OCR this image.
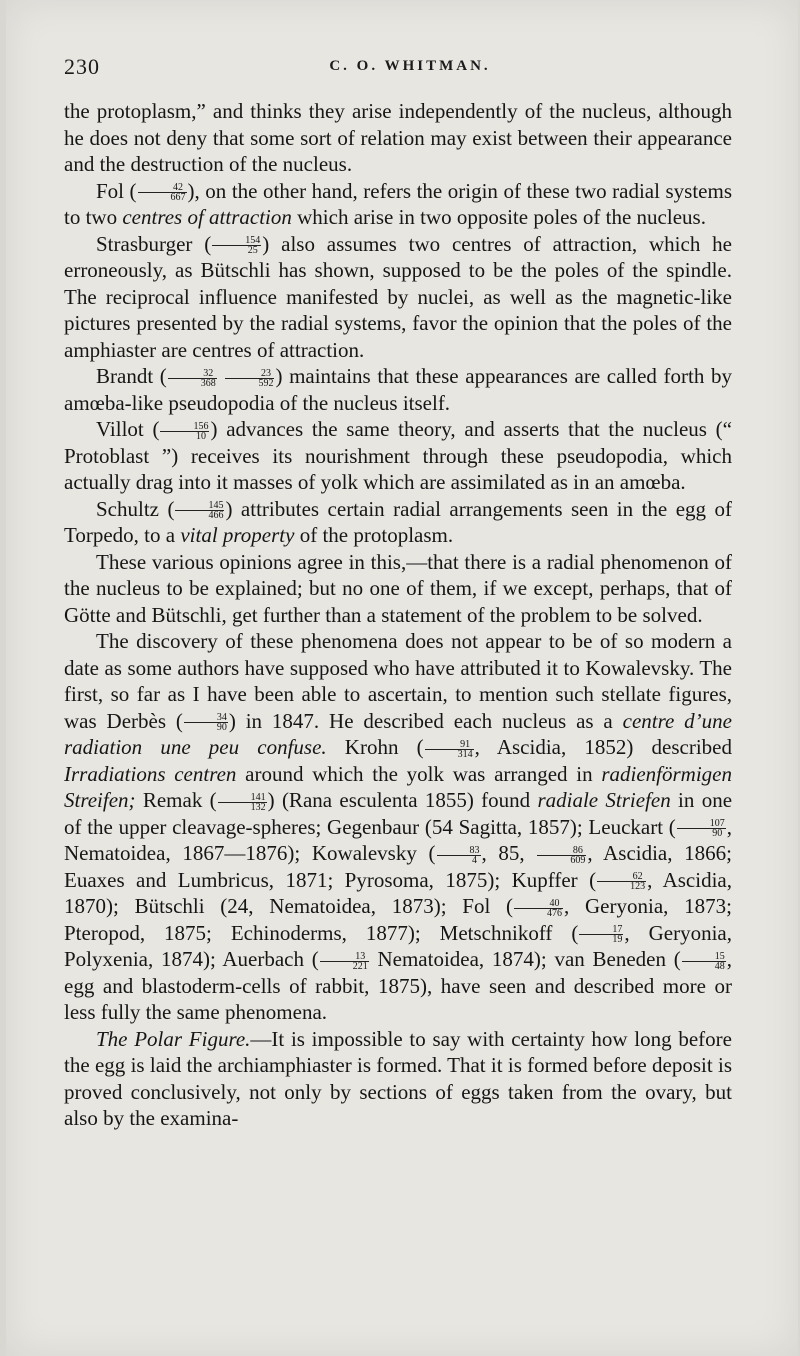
230	C. O. WHITMAN.

the protoplasm,” and thinks they arise independently of the nucleus, although he does not deny that some sort of relation may exist between their appearance and the destruction of the nucleus.

Fol ( $\frac{42}{667}$ ), on the other hand, refers the origin of these two radial systems to two centres of attraction which arise in two opposite poles of the nucleus.

Strasburger ( $\frac{154}{25}$ ) also assumes two centres of attraction, which he erroneously, as Bütschli has shown, supposed to be the poles of the spindle. The reciprocal influence manifested by nuclei, as well as the magnetic-like pictures presented by the radial systems, favor the opinion that the poles of the amphiaster are centres of attraction.

Brandt ( $\frac{32}{368}$
$\frac{23}{592}$ ) maintains that these appearances are called forth by amœba-like pseudopodia of the nucleus itself.

Villot ( $\frac{156}{10}$ ) advances the same theory, and asserts that the nucleus (“ Protoblast ”) receives its nourishment through these pseudopodia, which actually drag into it masses of yolk which are assimilated as in an amœba.

Schultz ( $\frac{145}{466}$ ) attributes certain radial arrangements seen in the egg of Torpedo, to a vital property of the protoplasm.

These various opinions agree in this,—that there is a radial phenomenon of the nucleus to be explained; but no one of them, if we except, perhaps, that of Götte and Bütschli, get further than a statement of the problem to be solved.

The discovery of these phenomena does not appear to be of so modern a date as some authors have supposed who have attributed it to Kowalevsky. The first, so far as I have been able to ascertain, to mention such stellate figures, was Derbès ( $\frac{34}{90}$ ) in 1847. He described each nucleus as a centre d’une radiation une peu confuse. Krohn ( $\frac{91}{314}$ , Ascidia, 1852) described Irradiations centren around which the yolk was arranged in radienförmigen Streifen; Remak ( $\frac{141}{132}$ ) (Rana esculenta 1855) found radiale Striefen in one of the upper cleavage-spheres; Gegenbaur (54 Sagitta, 1857); Leuckart ( $\frac{107}{90}$ , Nematoidea, 1867—1876); Kowalevsky ( $\frac{83}{4}$ , 85, $\frac{86}{609}$ , Ascidia, 1866; Euaxes and Lumbricus, 1871; Pyrosoma, 1875); Kupffer ( $\frac{62}{123}$ , Ascidia, 1870); Bütschli (24, Nematoidea, 1873); Fol ( $\frac{40}{476}$ , Geryonia, 1873; Pteropod, 1875; Echinoderms, 1877); Metschnikoff ( $\frac{17}{19}$ , Geryonia, Polyxenia, 1874); Auerbach ( $\frac{13}{221}$ Nematoidea, 1874); van Beneden ( $\frac{15}{48}$ , egg and blastoderm-cells of rabbit, 1875), have seen and described more or less fully the same phenomena.

The Polar Figure.—It is impossible to say with certainty how long before the egg is laid the archiamphiaster is formed. That it is formed before deposit is proved conclusively, not only by sections of eggs taken from the ovary, but also by the examina-
